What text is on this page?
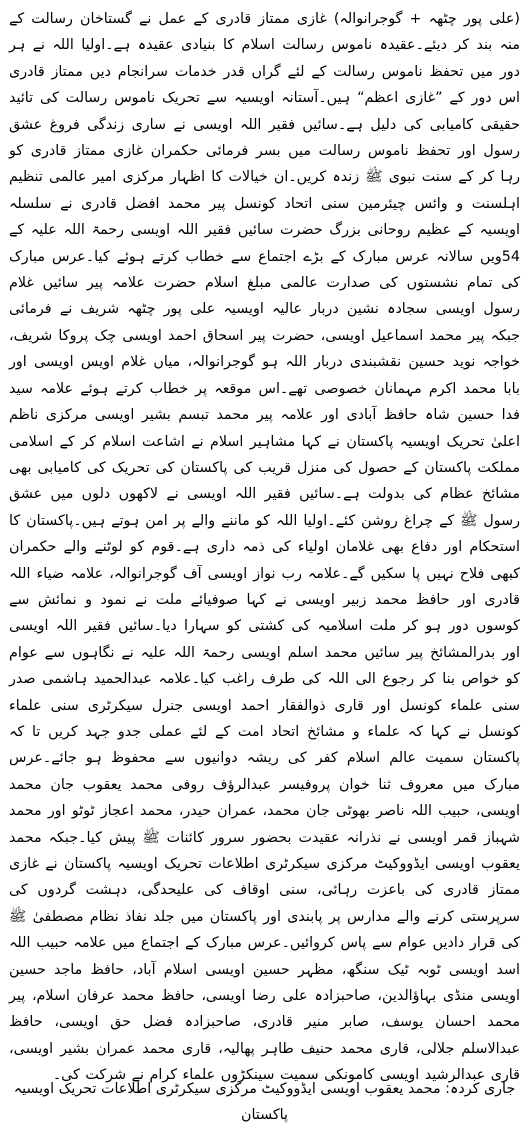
(علی پور چٹھہ + گوجرانوالہ) غازی ممتاز قادری کے عمل نے گستاخان رسالت کے منہ بند کر دیئے۔عقیدہ ناموس رسالت اسلام کا بنیادی عقیدہ ہے۔اولیا اللہ نے ہر دور میں تحفظ ناموس رسالت کے لئے گراں قدر خدمات سرانجام دیں ممتاز قادری اس دور کے ”غازی اعظم“ ہیں۔آستانہ اویسیہ سے تحریک ناموس رسالت کی تائید حقیقی کامیابی کی دلیل ہے۔سائیں فقیر اللہ اویسی نے ساری زندگی فروغ عشق رسول اور تحفظ ناموس رسالت میں بسر فرمائی حکمران غازی ممتاز قادری کو رہا کر کے سنت نبوی ﷺ زندہ کریں۔ان خیالات کا اظہار مرکزی امیر عالمی تنظیم اہلسنت و وائس چیئرمین سنی اتحاد کونسل پیر محمد افضل قادری نے سلسلہ اویسیہ کے عظیم روحانی بزرگ حضرت سائیں فقیر اللہ اویسی رحمۃ اللہ علیہ کے 54ویں سالانہ عرس مبارک کے بڑے اجتماع سے خطاب کرتے ہوئے کیا۔عرس مبارک کی تمام نشستوں کی صدارت عالمی مبلغ اسلام حضرت علامہ پیر سائیں غلام رسول اویسی سجادہ نشین دربار عالیہ اویسیہ علی پور چٹھہ شریف نے فرمائی جبکہ پیر محمد اسماعیل اویسی، حضرت پیر اسحاق احمد اویسی چک پروکا شریف، خواجہ نوید حسین نقشبندی دربار اللہ ہو گوجرانوالہ، میاں غلام اویس اویسی اور بابا محمد اکرم مہمانان خصوصی تھے۔اس موقعہ پر خطاب کرتے ہوئے علامہ سید فدا حسین شاہ حافظ آبادی اور علامہ پیر محمد تبسم بشیر اویسی مرکزی ناظم اعلیٰ تحریک اویسیہ پاکستان نے کہا مشاہیر اسلام نے اشاعت اسلام کر کے اسلامی مملکت پاکستان کے حصول کی منزل قریب کی پاکستان کی تحریک کی کامیابی بھی مشائخ عظام کی بدولت ہے۔سائیں فقیر اللہ اویسی نے لاکھوں دلوں میں عشق رسول ﷺ کے چراغ روشن کئے۔اولیا اللہ کو ماننے والے پر امن ہوتے ہیں۔پاکستان کا استحکام اور دفاع بھی غلامان اولیاء کی ذمہ داری ہے۔قوم کو لوٹنے والے حکمران کبھی فلاح نہیں پا سکیں گے۔علامہ رب نواز اویسی آف گوجرانوالہ، علامہ ضیاء اللہ قادری اور حافظ محمد زبیر اویسی نے کہا صوفیائے ملت نے نمود و نمائش سے کوسوں دور ہو کر ملت اسلامیہ کی کشتی کو سہارا دیا۔سائیں فقیر اللہ اویسی اور بدرالمشائخ پیر سائیں محمد اسلم اویسی رحمۃ اللہ علیہ نے نگاہوں سے عوام کو خواص بنا کر رجوع الی اللہ کی طرف راغب کیا۔علامہ عبدالحمید ہاشمی صدر سنی علماء کونسل اور قاری ذوالفقار احمد اویسی جنرل سیکرٹری سنی علماء کونسل نے کہا کہ علماء و مشائخ اتحاد امت کے لئے عملی جدو جہد کریں تا کہ پاکستان سمیت عالم اسلام کفر کی ریشہ دوانیوں سے محفوظ ہو جائے۔عرس مبارک میں معروف ثنا خوان پروفیسر عبدالرؤف روفی محمد یعقوب جان محمد اویسی، حبیب اللہ ناصر بھوٹی جان محمد، عمران حیدر، محمد اعجاز ٹوٹو اور محمد شہباز قمر اویسی نے نذرانہ عقیدت بحضور سرور کائنات ﷺ پیش کیا۔جبکہ محمد یعقوب اویسی ایڈووکیٹ مرکزی سیکرٹری اطلاعات تحریک اویسیہ پاکستان نے غازی ممتاز قادری کی باعزت رہائی، سنی اوقاف کی علیحدگی، دہشت گردوں کی سرپرستی کرنے والے مدارس پر پابندی اور پاکستان میں جلد نفاذ نظام مصطفیٰ ﷺ کی قرار دادیں عوام سے پاس کروائیں۔عرس مبارک کے اجتماع میں علامہ حبیب اللہ اسد اویسی ٹوبہ ٹیک سنگھ، مظہر حسین اویسی اسلام آباد، حافظ ماجد حسین اویسی منڈی بہاؤالدین، صاحبزادہ علی رضا اویسی، حافظ محمد عرفان اسلام، پیر محمد احسان یوسف، صابر منیر قادری، صاحبزادہ فضل حق اویسی، حافظ عبدالاسلم جلالی، قاری محمد حنیف طاہر پھالیہ، قاری محمد عمران بشیر اویسی، قاری عبدالرشید اویسی کامونکی سمیت سینکڑوں علماء کرام نے شرکت کی۔

جاری کردہ: محمد یعقوب اویسی ایڈووکیٹ مرکزی سیکرٹری اطلاعات تحریک اویسیہ پاکستان
